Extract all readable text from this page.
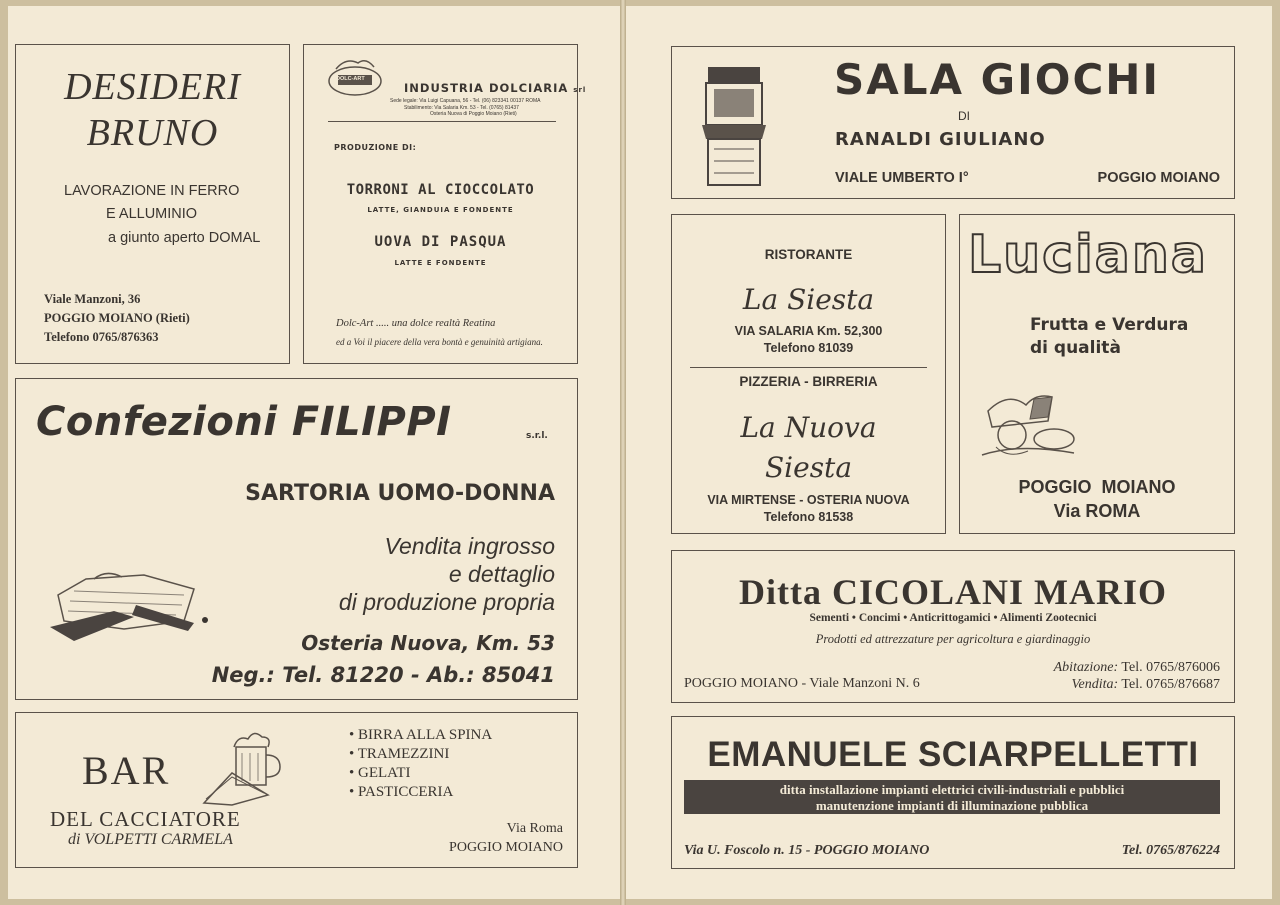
DESIDERI
BRUNO
LAVORAZIONE IN FERRO
E ALLUMINIO
a giunto aperto DOMAL
Viale Manzoni, 36
POGGIO MOIANO (Rieti)
Telefono 0765/876363
DOLC-ART
INDUSTRIA DOLCIARIA srl
Sede legale: Via Luigi Capuana, 56 - Tel. (06) 823341 00137 ROMA
Stabilimento: Via Salaria Km. 53 - Tel. (0765) 81437
Osteria Nuova di Poggio Moiano (Rieti)
PRODUZIONE DI:
TORRONI AL CIOCCOLATO
LATTE, GIANDUIA E FONDENTE
UOVA DI PASQUA
LATTE E FONDENTE
Dolc-Art ..... una dolce realtà Reatina
ed a Voi il piacere della vera bontà e genuinità artigiana.
Confezioni FILIPPI	s.r.l.
SARTORIA UOMO-DONNA
Vendita ingrosso
e dettaglio
di produzione propria
Osteria Nuova, Km. 53
Neg.: Tel. 81220 - Ab.: 85041
BAR
DEL CACCIATORE
di VOLPETTI CARMELA
• BIRRA ALLA SPINA
• TRAMEZZINI
• GELATI
• PASTICCERIA
Via Roma
POGGIO MOIANO
SALA GIOCHI
DI
RANALDI GIULIANO
VIALE UMBERTO I°	POGGIO MOIANO
RISTORANTE
La Siesta
VIA SALARIA Km. 52,300
Telefono 81039
PIZZERIA - BIRRERIA
La Nuova
Siesta
VIA MIRTENSE - OSTERIA NUOVA
Telefono 81538
Luciana
Frutta e Verdura
di qualità
POGGIO  MOIANO
Via ROMA
Ditta CICOLANI MARIO
Sementi • Concimi • Anticrittogamici • Alimenti Zootecnici
Prodotti ed attrezzature per agricoltura e giardinaggio
POGGIO MOIANO - Viale Manzoni N. 6
Abitazione: Tel. 0765/876006
Vendita: Tel. 0765/876687
EMANUELE SCIARPELLETTI
ditta installazione impianti elettrici civili-industriali e pubblici
manutenzione impianti di illuminazione pubblica
Via U. Foscolo n. 15 - POGGIO MOIANO	Tel. 0765/876224
